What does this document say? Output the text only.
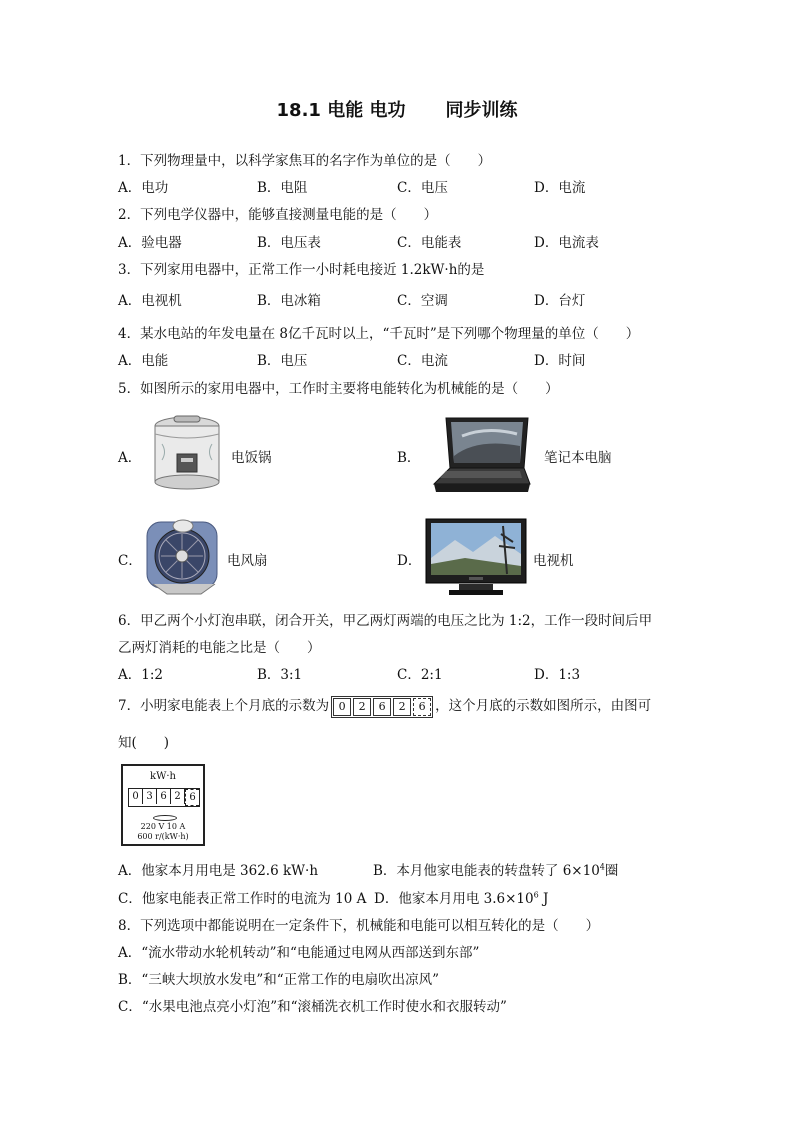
18.1 电能 电功 同步训练
1．下列物理量中，以科学家焦耳的名字作为单位的是（　　）
A．电功	B．电阻	C．电压	D．电流
2．下列电学仪器中，能够直接测量电能的是（　　）
A．验电器	B．电压表	C．电能表	D．电流表
3．下列家用电器中，正常工作一小时耗电接近 1.2kW·h的是
A．电视机	B．电冰箱	C．空调	D．台灯
4．某水电站的年发电量在 8亿千瓦时以上，“千瓦时”是下列哪个物理量的单位（　　）
A．电能	B．电压	C．电流	D．时间
5．如图所示的家用电器中，工作时主要将电能转化为机械能的是（　　）
A．	电饭锅	B．	笔记本电脑
C．	电风扇	D．	电视机
6．甲乙两个小灯泡串联，闭合开关，甲乙两灯两端的电压之比为 1:2，工作一段时间后甲
乙两灯消耗的电能之比是（　　）
A．1:2	B．3:1	C．2:1	D．1:3
7．小明家电能表上个月底的示数为 0	2	6	2	6 ，这个月底的示数如图所示，由图可
知(　　)
kW·h
0 3 6 2 6
220 V 10 A
600 r/(kW·h)
A．他家本月用电是 362.6 kW·h	B．本月他家电能表的转盘转了 $6\times 10^4$圈
C．他家电能表正常工作时的电流为 10 A D．他家本月用电 $3.6\times 10^6$ J
8．下列选项中都能说明在一定条件下，机械能和电能可以相互转化的是（　　）
A．“流水带动水轮机转动”和“电能通过电网从西部送到东部”
B．“三峡大坝放水发电”和“正常工作的电扇吹出凉风”
C．“水果电池点亮小灯泡”和“滚桶洗衣机工作时使水和衣服转动”
